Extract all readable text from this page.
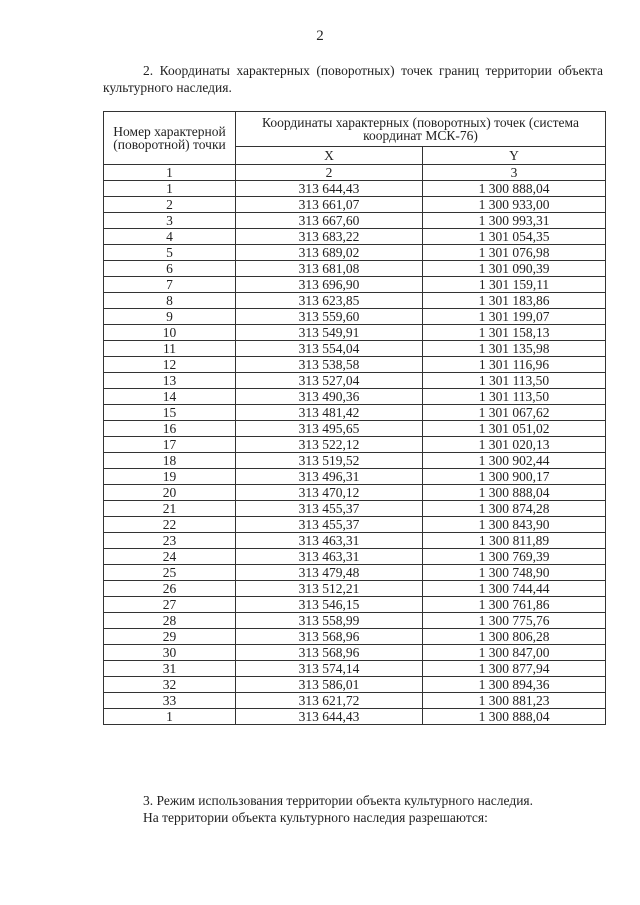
2
2. Координаты характерных (поворотных) точек границ территории объекта культурного наследия.
Номер характерной (поворотной) точки	Координаты характерных (поворотных) точек (система координат МСК-76)	
	X	Y
1	2	3
1	313 644,43	1 300 888,04
2	313 661,07	1 300 933,00
3	313 667,60	1 300 993,31
4	313 683,22	1 301 054,35
5	313 689,02	1 301 076,98
6	313 681,08	1 301 090,39
7	313 696,90	1 301 159,11
8	313 623,85	1 301 183,86
9	313 559,60	1 301 199,07
10	313 549,91	1 301 158,13
11	313 554,04	1 301 135,98
12	313 538,58	1 301 116,96
13	313 527,04	1 301 113,50
14	313 490,36	1 301 113,50
15	313 481,42	1 301 067,62
16	313 495,65	1 301 051,02
17	313 522,12	1 301 020,13
18	313 519,52	1 300 902,44
19	313 496,31	1 300 900,17
20	313 470,12	1 300 888,04
21	313 455,37	1 300 874,28
22	313 455,37	1 300 843,90
23	313 463,31	1 300 811,89
24	313 463,31	1 300 769,39
25	313 479,48	1 300 748,90
26	313 512,21	1 300 744,44
27	313 546,15	1 300 761,86
28	313 558,99	1 300 775,76
29	313 568,96	1 300 806,28
30	313 568,96	1 300 847,00
31	313 574,14	1 300 877,94
32	313 586,01	1 300 894,36
33	313 621,72	1 300 881,23
1	313 644,43	1 300 888,04
3. Режим использования территории объекта культурного наследия.
На территории объекта культурного наследия разрешаются:
